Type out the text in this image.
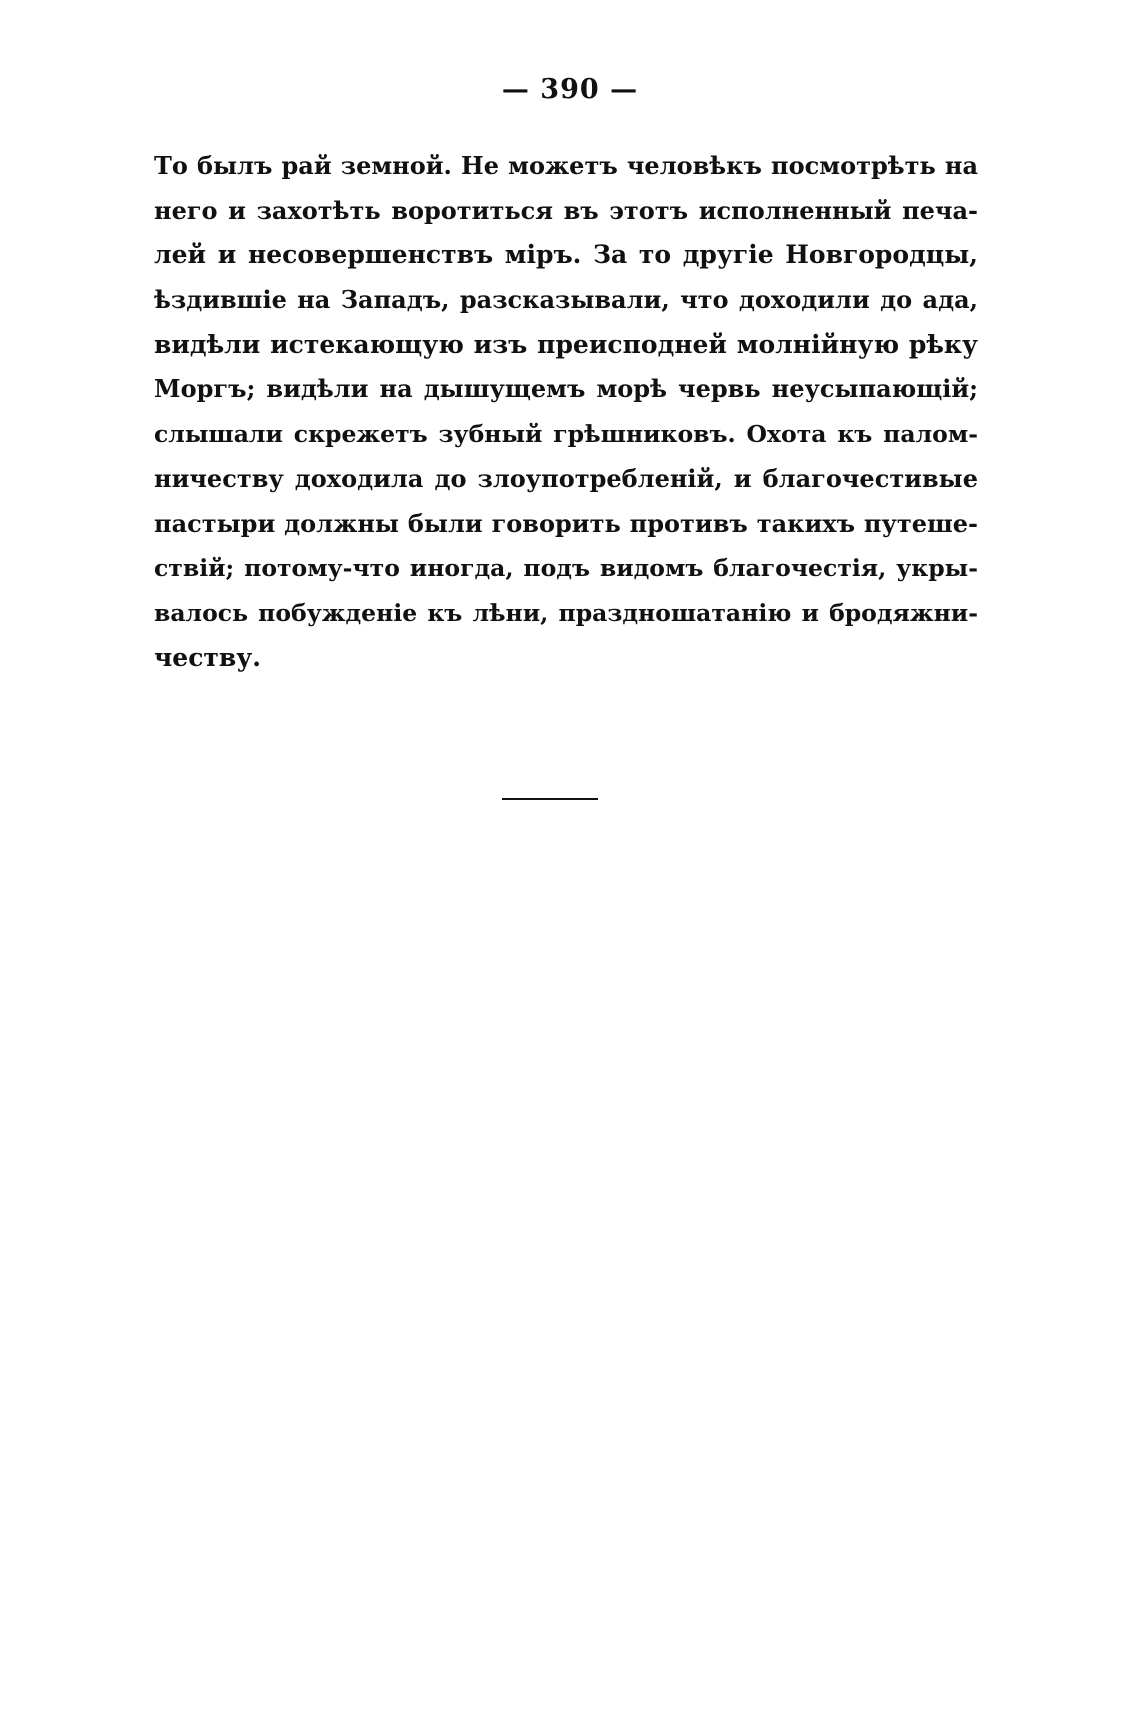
— 390 —
То былъ рай земной. Не можетъ человѣкъ посмотрѣть на
него и захотѣть воротиться въ этотъ исполненный печа-
лей и несовершенствъ міръ. За то другіе Новгородцы,
ѣздившіе на Западъ, разсказывали, что доходили до ада,
видѣли истекающую изъ преисподней молнійную рѣку
Моргъ; видѣли на дышущемъ морѣ червь неусыпающій;
слышали скрежетъ зубный грѣшниковъ. Охота къ палом-
ничеству доходила до злоупотребленій, и благочестивые
пастыри должны были говорить противъ такихъ путеше-
ствій; потому-что иногда, подъ видомъ благочестія, укры-
валось побужденіе къ лѣни, праздношатанію и бродяжни-
честву.
